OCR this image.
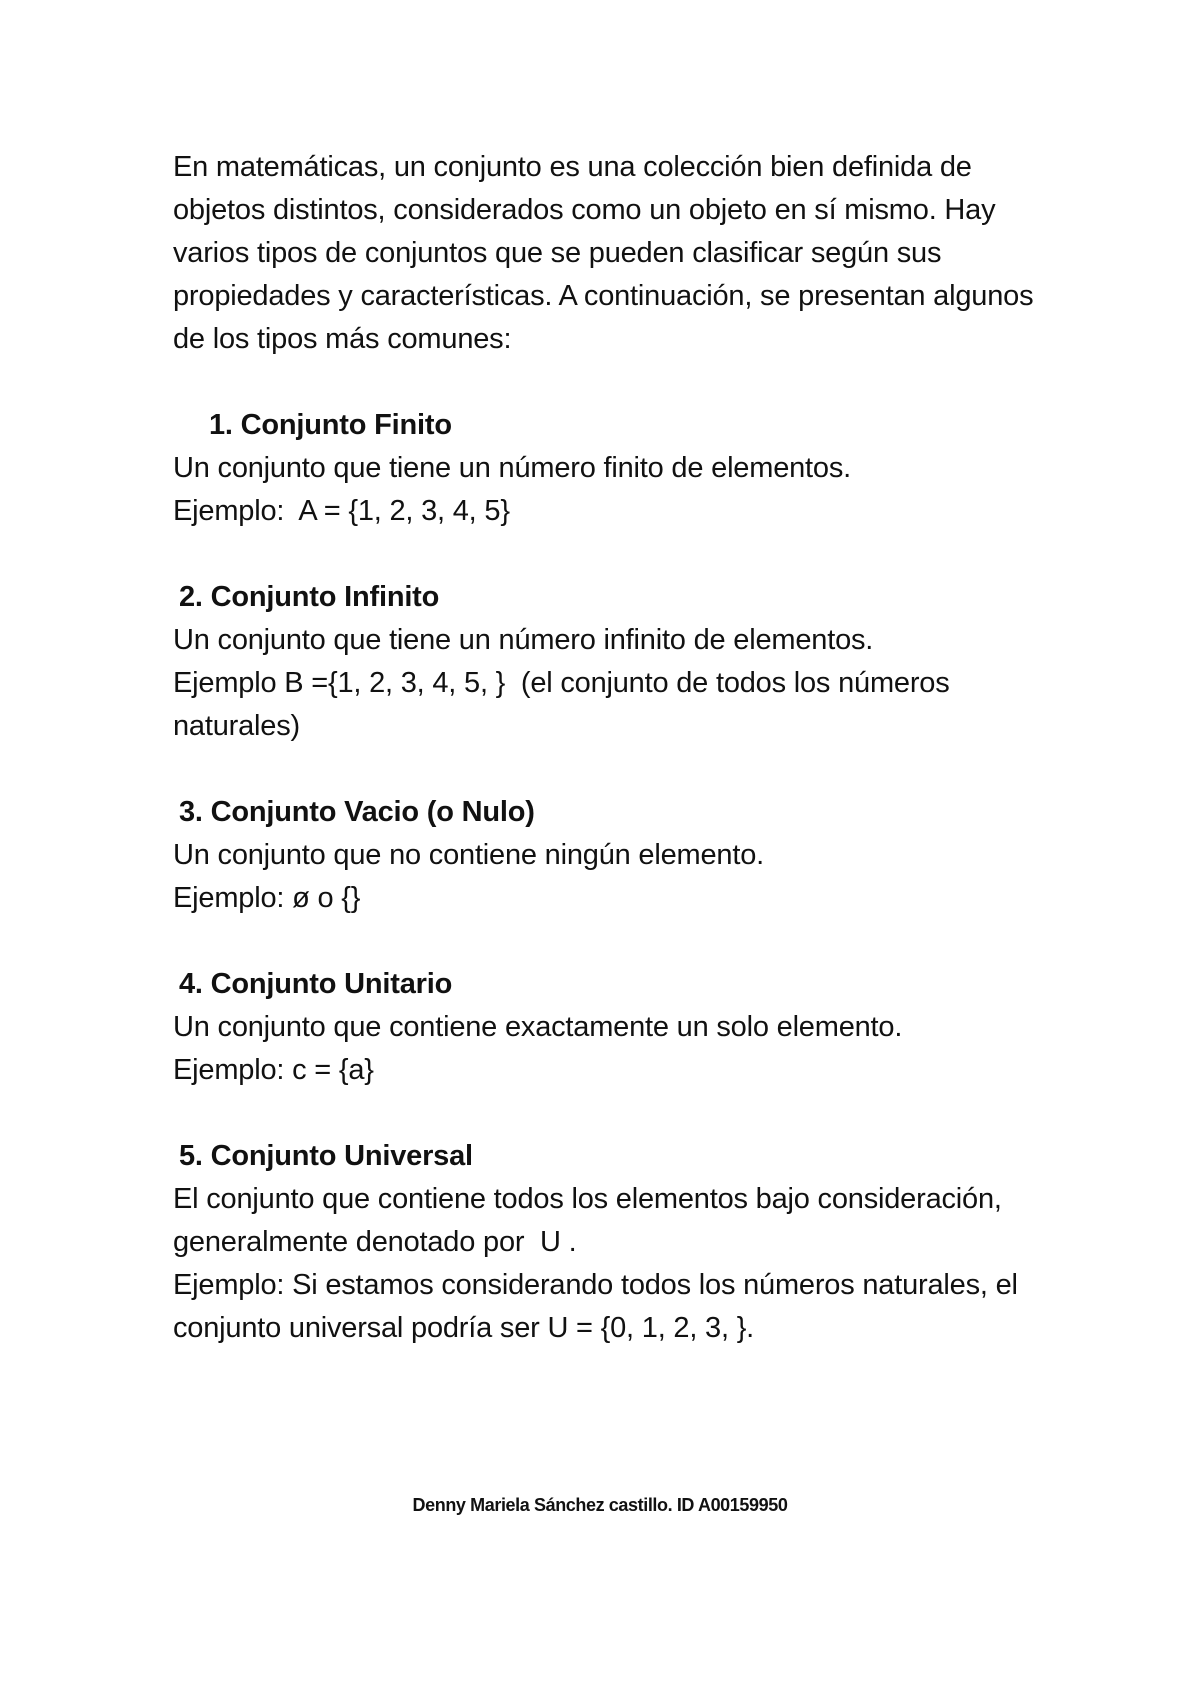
En matemáticas, un conjunto es una colección bien definida de objetos distintos, considerados como un objeto en sí mismo. Hay varios tipos de conjuntos que se pueden clasificar según sus propiedades y características. A continuación, se presentan algunos de los tipos más comunes:

1. Conjunto Finito

Un conjunto que tiene un número finito de elementos.

Ejemplo:  A = {1, 2, 3, 4, 5}

2. Conjunto Infinito

Un conjunto que tiene un número infinito de elementos.

Ejemplo B ={1, 2, 3, 4, 5, }  (el conjunto de todos los números naturales)

3. Conjunto Vacio (o Nulo)

Un conjunto que no contiene ningún elemento.

Ejemplo: ø o {}

4. Conjunto Unitario

Un conjunto que contiene exactamente un solo elemento.

Ejemplo: c = {a}

5. Conjunto Universal

El conjunto que contiene todos los elementos bajo consideración, generalmente denotado por  U .

Ejemplo: Si estamos considerando todos los números naturales, el conjunto universal podría ser U = {0, 1, 2, 3, }.

Denny Mariela Sánchez castillo. ID A00159950
